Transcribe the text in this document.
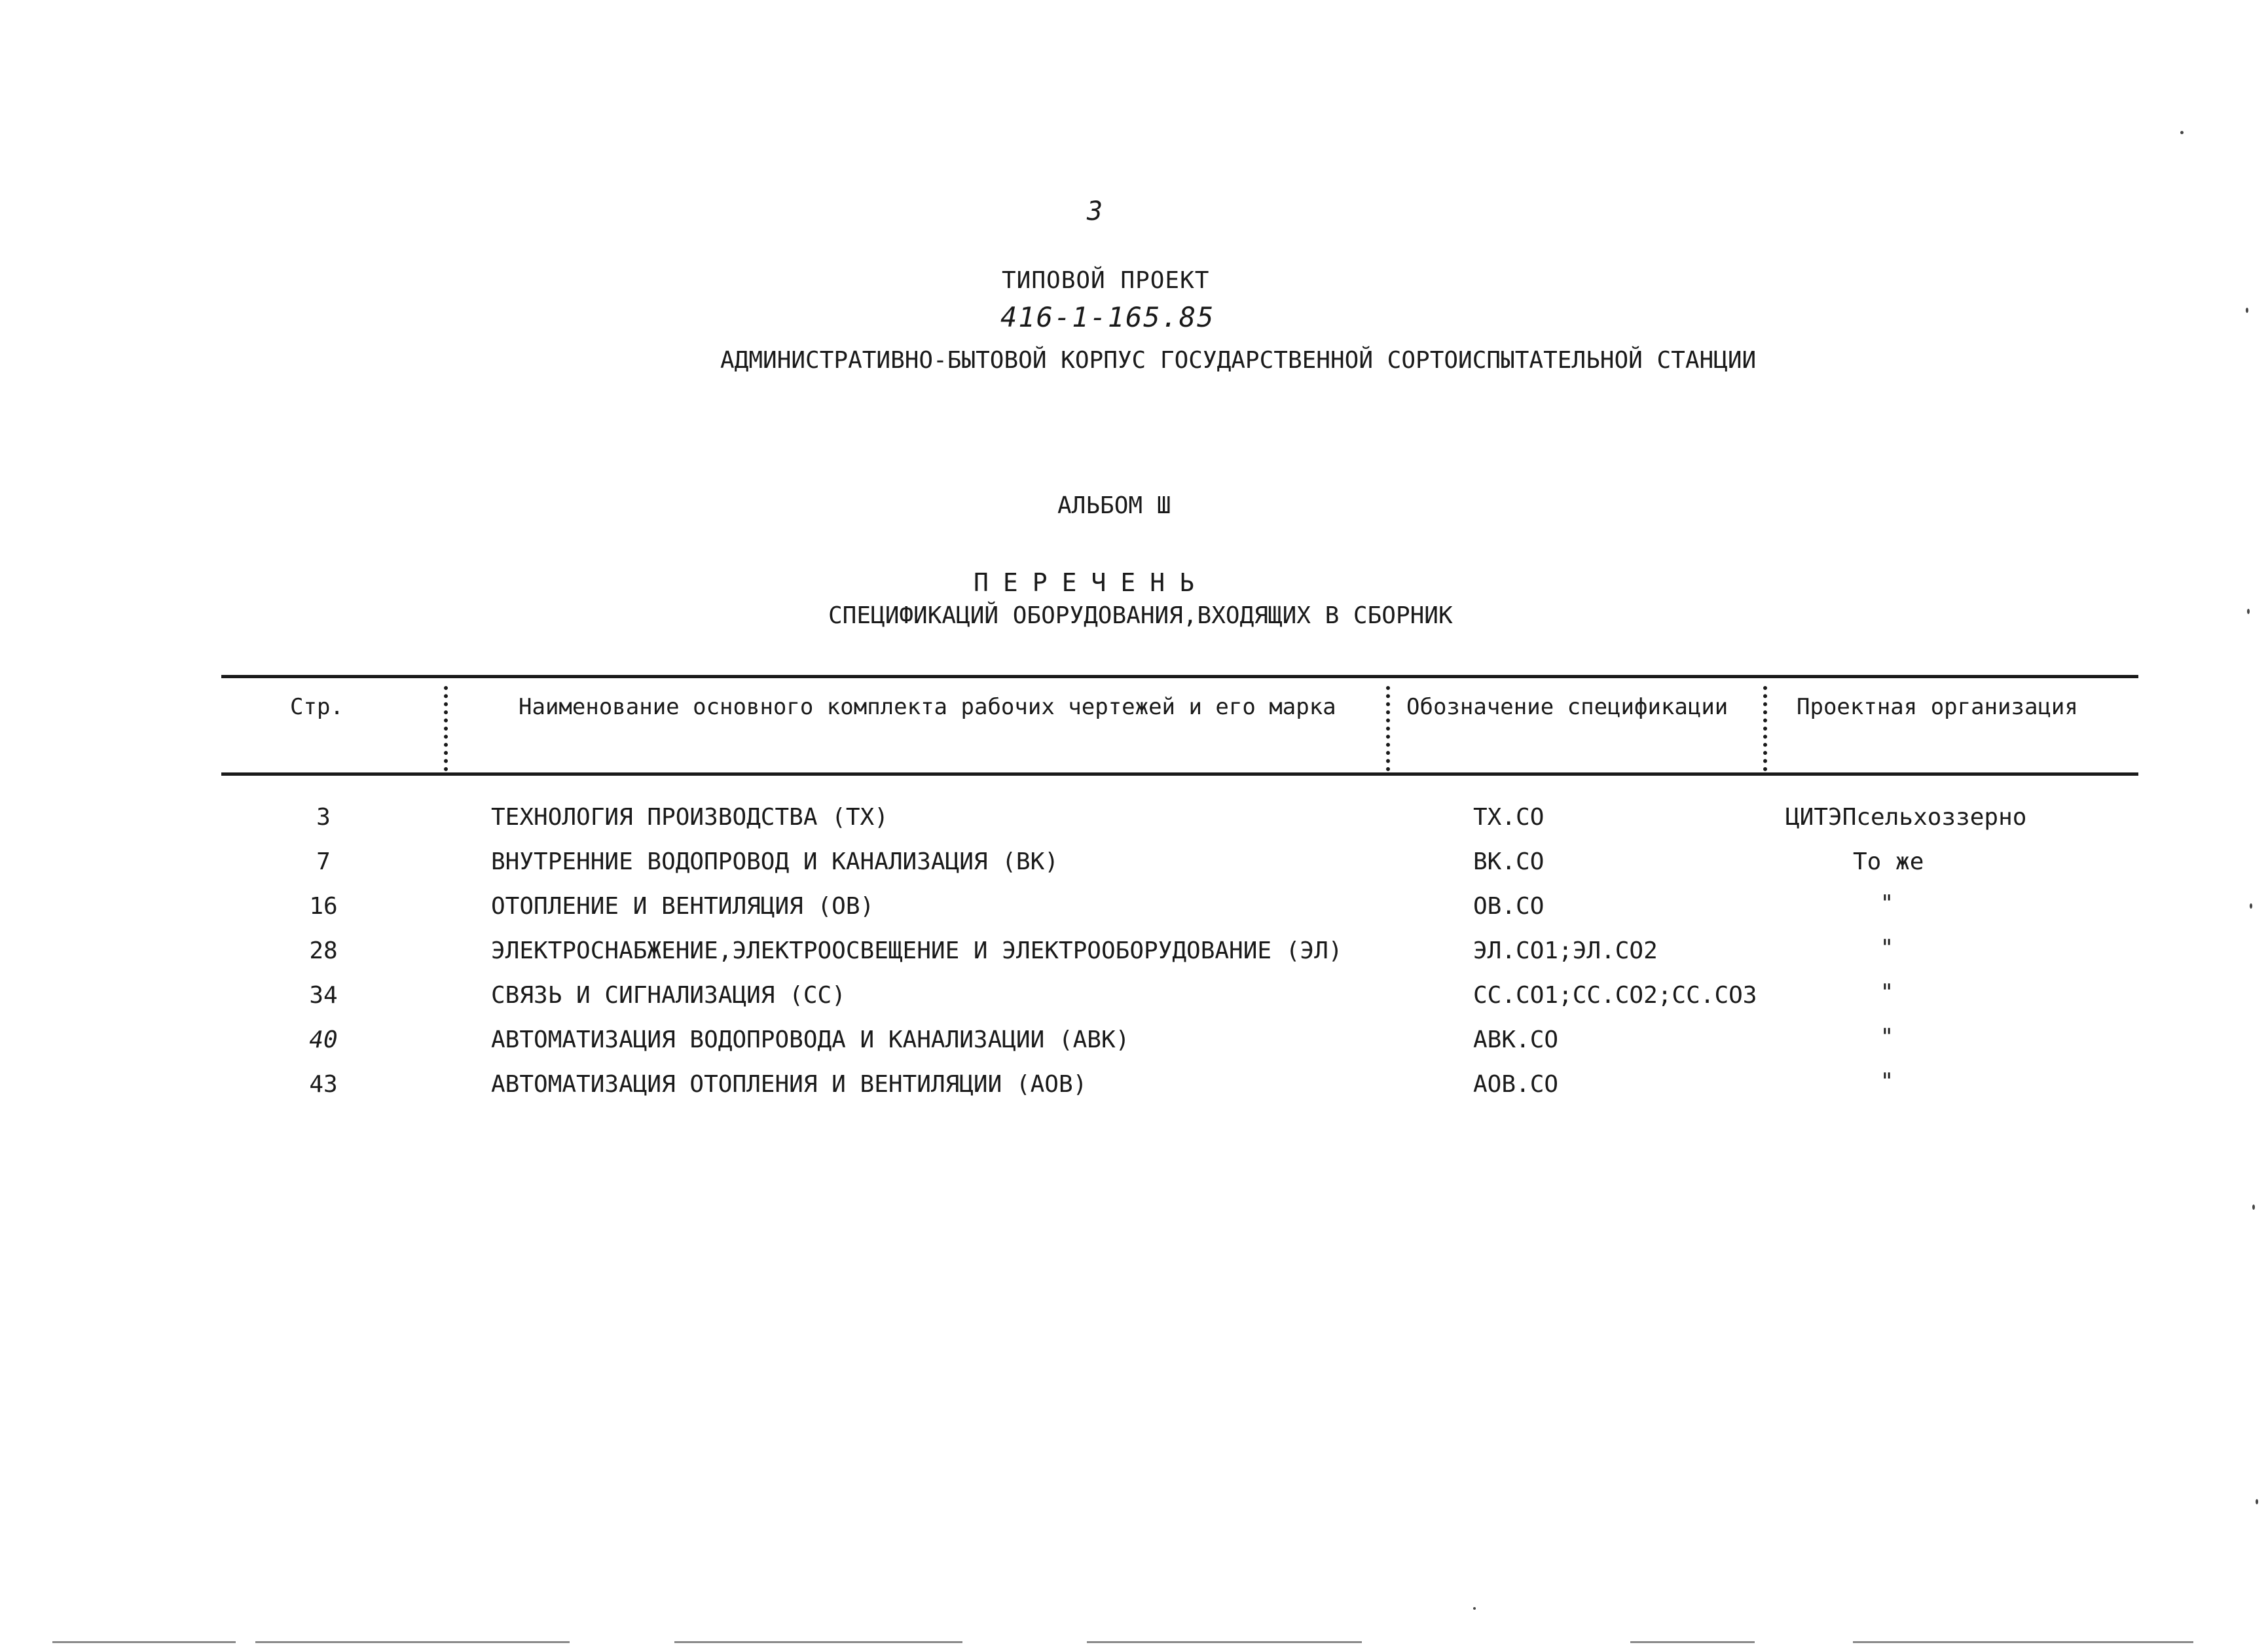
3
ТИПОВОЙ ПРОЕКТ
416-1-165.85
АДМИНИСТРАТИВНО-БЫТОВОЙ КОРПУС ГОСУДАРСТВЕННОЙ СОРТОИСПЫТАТЕЛЬНОЙ СТАНЦИИ
АЛЬБОМ Ш
ПЕРЕЧЕНЬ
СПЕЦИФИКАЦИЙ ОБОРУДОВАНИЯ,ВХОДЯЩИХ В СБОРНИК
Стр.	Наименование основного комплекта рабочих чертежей и его марка	Обозначение спецификации	Проектная организация
3	ТЕХНОЛОГИЯ ПРОИЗВОДСТВА (ТХ)	ТХ.СО	ЦИТЭПсельхоззерно
7	ВНУТРЕННИЕ ВОДОПРОВОД И КАНАЛИЗАЦИЯ (ВК)	ВК.СО	То же
16	ОТОПЛЕНИЕ И ВЕНТИЛЯЦИЯ (ОВ)	ОВ.СО	"
28	ЭЛЕКТРОСНАБЖЕНИЕ,ЭЛЕКТРООСВЕЩЕНИЕ И ЭЛЕКТРООБОРУДОВАНИЕ (ЭЛ)	ЭЛ.СО1;ЭЛ.СО2	"
34	СВЯЗЬ И СИГНАЛИЗАЦИЯ (СС)	СС.СО1;СС.СО2;СС.СО3	"
40	АВТОМАТИЗАЦИЯ ВОДОПРОВОДА И КАНАЛИЗАЦИИ (АВК)	АВК.СО	"
43	АВТОМАТИЗАЦИЯ ОТОПЛЕНИЯ И ВЕНТИЛЯЦИИ (АОВ)	АОВ.СО	"
